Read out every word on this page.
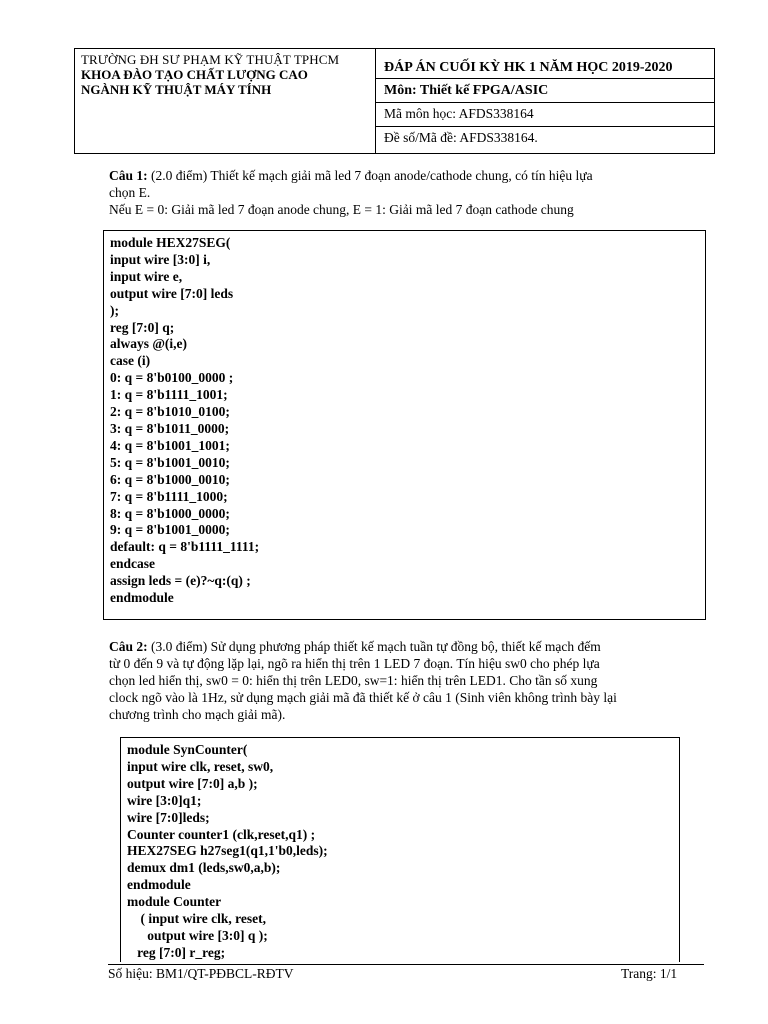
TRƯỜNG ĐH SƯ PHẠM KỸ THUẬT TPHCM
KHOA ĐÀO TẠO CHẤT LƯỢNG CAO
NGÀNH KỸ THUẬT MÁY TÍNH
ĐÁP ÁN CUỐI KỲ HK 1 NĂM HỌC 2019-2020
Môn: Thiết kế FPGA/ASIC
Mã môn học: AFDS338164
Đề số/Mã đề: AFDS338164.
Câu 1: (2.0 điểm) Thiết kế mạch giải mã led 7 đoạn anode/cathode chung, có tín hiệu lựa
chọn E.
Nếu E = 0: Giải mã led 7 đoạn anode chung, E = 1: Giải mã led 7 đoạn cathode chung
module HEX27SEG(
input wire [3:0] i,
input wire e,
output wire [7:0] leds
);
reg [7:0] q;
always @(i,e)
case (i)
0: q = 8'b0100_0000 ;
1: q = 8'b1111_1001;
2: q = 8'b1010_0100;
3: q = 8'b1011_0000;
4: q = 8'b1001_1001;
5: q = 8'b1001_0010;
6: q = 8'b1000_0010;
7: q = 8'b1111_1000;
8: q = 8'b1000_0000;
9: q = 8'b1001_0000;
default: q = 8'b1111_1111;
endcase
assign leds = (e)?~q:(q) ;
endmodule
Câu 2: (3.0 điểm) Sử dụng phương pháp thiết kế mạch tuần tự đồng bộ, thiết kế mạch đếm
từ 0 đến 9 và tự động lặp lại, ngõ ra hiển thị trên 1 LED 7 đoạn. Tín hiệu sw0 cho phép lựa
chọn led hiển thị, sw0 = 0: hiển thị trên LED0, sw=1: hiển thị trên LED1. Cho tần số xung
clock ngõ vào là 1Hz, sử dụng mạch giải mã đã thiết kế ở câu 1 (Sinh viên không trình bày lại
chương trình cho mạch giải mã).
module SynCounter(
input wire clk, reset, sw0,
output wire [7:0] a,b );
wire [3:0]q1;
wire [7:0]leds;
Counter counter1 (clk,reset,q1) ;
HEX27SEG h27seg1(q1,1'b0,leds);
demux dm1 (leds,sw0,a,b);
endmodule
module Counter
( input wire clk, reset,
output wire [3:0] q );
reg [7:0] r_reg;
Số hiệu: BM1/QT-PĐBCL-RĐTV	Trang: 1/1
